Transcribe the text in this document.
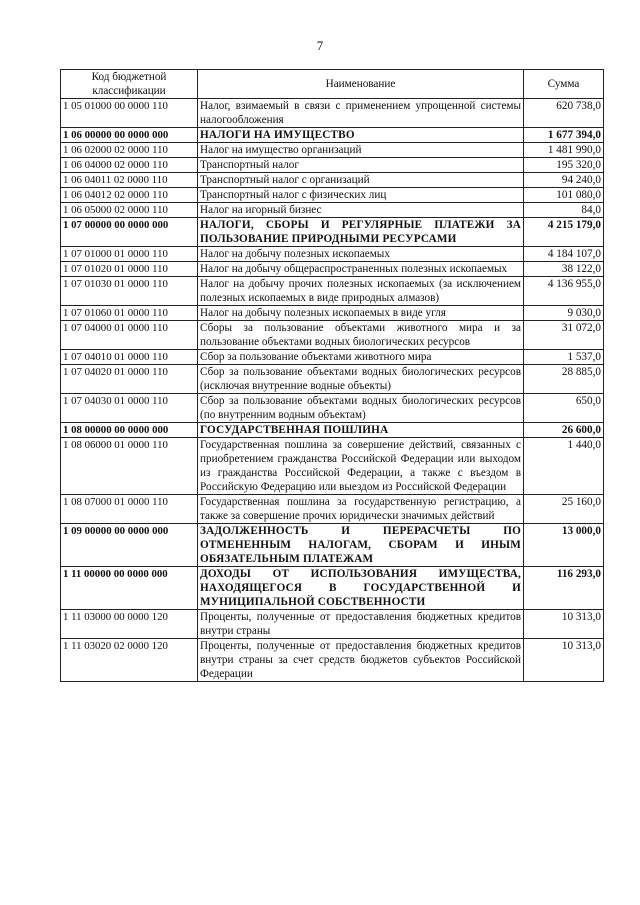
7
Код бюджетной классификации	Наименование	Сумма
1 05 01000 00 0000 110	Налог, взимаемый в связи с применением упрощенной системы налогообложения	620 738,0
1 06 00000 00 0000 000	НАЛОГИ НА ИМУЩЕСТВО	1 677 394,0
1 06 02000 02 0000 110	Налог на имущество организаций	1 481 990,0
1 06 04000 02 0000 110	Транспортный налог	195 320,0
1 06 04011 02 0000 110	Транспортный налог с организаций	94 240,0
1 06 04012 02 0000 110	Транспортный налог с физических лиц	101 080,0
1 06 05000 02 0000 110	Налог на игорный бизнес	84,0
1 07 00000 00 0000 000	НАЛОГИ, СБОРЫ И РЕГУЛЯРНЫЕ ПЛАТЕЖИ ЗА ПОЛЬЗОВАНИЕ ПРИРОДНЫМИ РЕСУРСАМИ	4 215 179,0
1 07 01000 01 0000 110	Налог на добычу полезных ископаемых	4 184 107,0
1 07 01020 01 0000 110	Налог на добычу общераспространенных полезных ископаемых	38 122,0
1 07 01030 01 0000 110	Налог на добычу прочих полезных ископаемых (за исключением полезных ископаемых в виде природных алмазов)	4 136 955,0
1 07 01060 01 0000 110	Налог на добычу полезных ископаемых в виде угля	9 030,0
1 07 04000 01 0000 110	Сборы за пользование объектами животного мира и за пользование объектами водных биологических ресурсов	31 072,0
1 07 04010 01 0000 110	Сбор за пользование объектами животного мира	1 537,0
1 07 04020 01 0000 110	Сбор за пользование объектами водных биологических ресурсов (исключая внутренние водные объекты)	28 885,0
1 07 04030 01 0000 110	Сбор за пользование объектами водных биологических ресурсов (по внутренним водным объектам)	650,0
1 08 00000 00 0000 000	ГОСУДАРСТВЕННАЯ ПОШЛИНА	26 600,0
1 08 06000 01 0000 110	Государственная пошлина за совершение действий, связанных с приобретением гражданства Российской Федерации или выходом из гражданства Российской Федерации, а также с въездом в Российскую Федерацию или выездом из Российской Федерации	1 440,0
1 08 07000 01 0000 110	Государственная пошлина за государственную регистрацию, а также за совершение прочих юридически значимых действий	25 160,0
1 09 00000 00 0000 000	ЗАДОЛЖЕННОСТЬ И ПЕРЕРАСЧЕТЫ ПО ОТМЕНЕННЫМ НАЛОГАМ, СБОРАМ И ИНЫМ ОБЯЗАТЕЛЬНЫМ ПЛАТЕЖАМ	13 000,0
1 11 00000 00 0000 000	ДОХОДЫ ОТ ИСПОЛЬЗОВАНИЯ ИМУЩЕСТВА, НАХОДЯЩЕГОСЯ В ГОСУДАРСТВЕННОЙ И МУНИЦИПАЛЬНОЙ СОБСТВЕННОСТИ	116 293,0
1 11 03000 00 0000 120	Проценты, полученные от предоставления бюджетных кредитов внутри страны	10 313,0
1 11 03020 02 0000 120	Проценты, полученные от предоставления бюджетных кредитов внутри страны за счет средств бюджетов субъектов Российской Федерации	10 313,0
